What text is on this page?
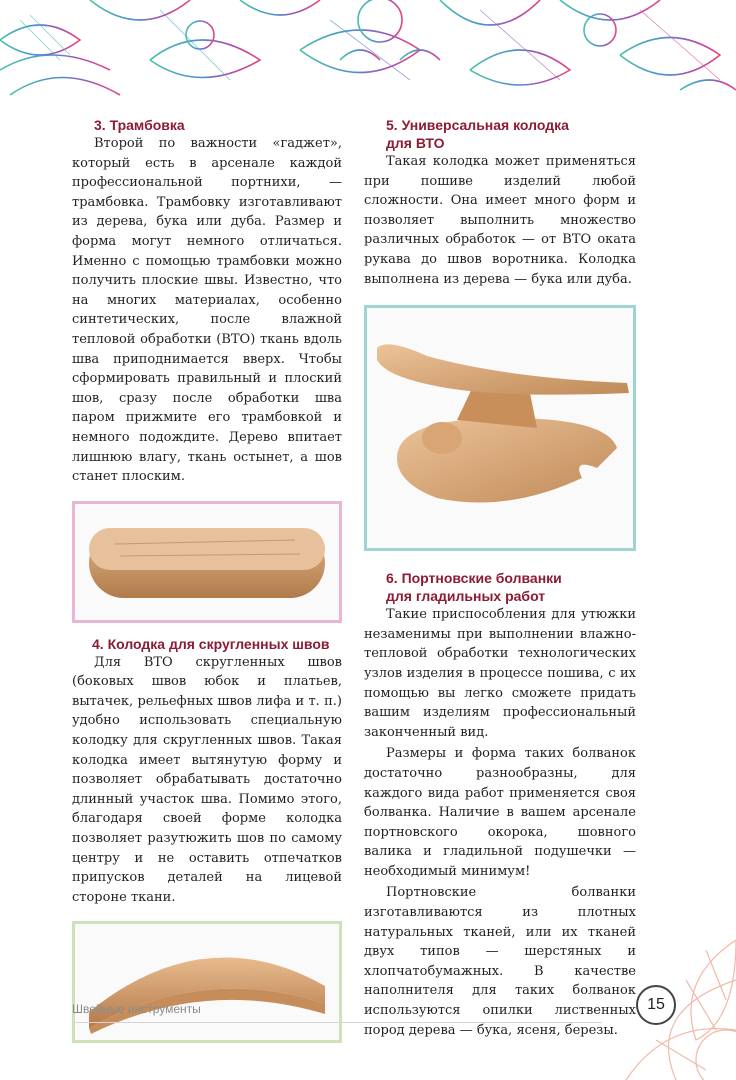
3. Трамбовка

Второй по важности «гаджет», который есть в арсенале каждой профессиональной портнихи, — трамбовка. Трамбовку изготавливают из дерева, бука или дуба. Размер и форма могут немного отличаться. Именно с помощью трамбовки можно получить плоские швы. Известно, что на многих материалах, особенно синтетических, после влажной тепловой обработки (ВТО) ткань вдоль шва приподнимается вверх. Чтобы сформировать правильный и плоский шов, сразу после обработки шва паром прижмите его трамбовкой и немного подождите. Дерево впитает лишнюю влагу, ткань остынет, а шов станет плоским.

4. Колодка для скругленных швов

Для ВТО скругленных швов (боковых швов юбок и платьев, вытачек, рельефных швов лифа и т. п.) удобно использовать специальную колодку для скругленных швов. Такая колодка имеет вытянутую форму и позволяет обрабатывать достаточно длинный участок шва. Помимо этого, благодаря своей форме колодка позволяет разутюжить шов по самому центру и не оставить отпечатков припусков деталей на лицевой стороне ткани.

5. Универсальная колодка
для ВТО

Такая колодка может применяться при пошиве изделий любой сложности. Она имеет много форм и позволяет выполнить множество различных обработок — от ВТО оката рукава до швов воротника. Колодка выполнена из дерева — бука или дуба.

6. Портновские болванки
для гладильных работ

Такие приспособления для утюжки незаменимы при выполнении влажно-тепловой обработки технологических узлов изделия в процессе пошива, с их помощью вы легко сможете придать вашим изделиям профессиональный законченный вид.

Размеры и форма таких болванок достаточно разнообразны, для каждого вида работ применяется своя болванка. Наличие в вашем арсенале портновского окорока, шовного валика и гладильной подушечки — необходимый минимум!

Портновские болванки изготавливаются из плотных натуральных тканей, или их тканей двух типов — шерстяных и хлопчатобумажных. В качестве наполнителя для таких болванок используются опилки лиственных пород дерева — бука, ясеня, березы.

Швейные инструменты	15
